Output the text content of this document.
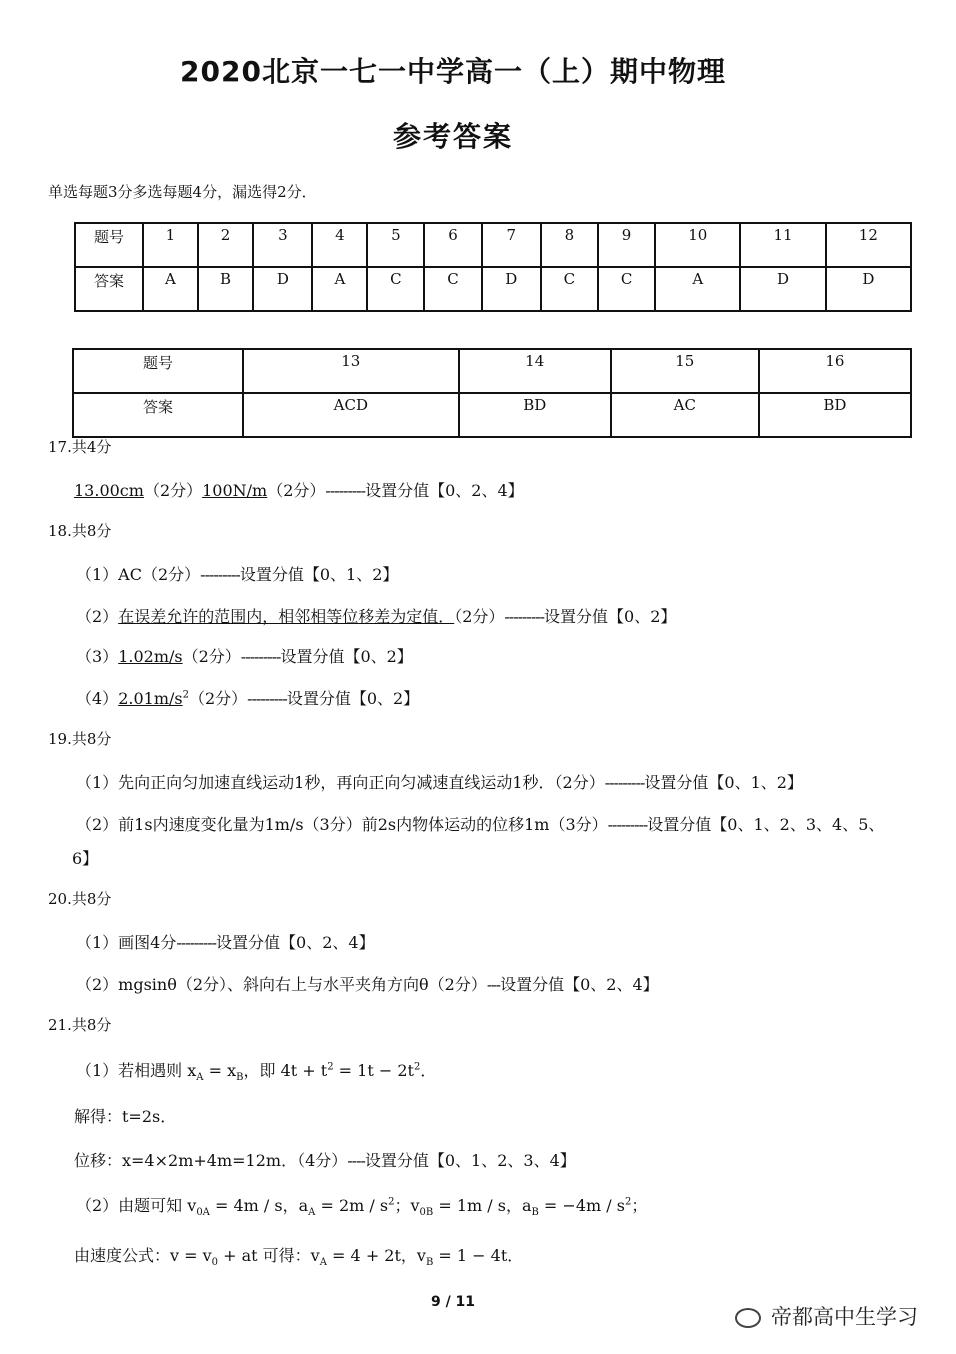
2020北京一七一中学高一（上）期中物理
参考答案
单选每题3分多选每题4分，漏选得2分．
题号	1	2	3	4	5	6	7	8	9	10	11	12
答案	A	B	D	A	C	C	D	C	C	A	D	D
题号	13	14	15	16
答案	ACD	BD	AC	BD
17.共4分
13.00cm（2分）100N/m（2分）---------设置分值【0、2、4】
18.共8分
（1）AC（2分）---------设置分值【0、1、2】
（2）在误差允许的范围内，相邻相等位移差为定值．（2分）---------设置分值【0、2】
（3）1.02m/s（2分）---------设置分值【0、2】
$(4)2.01m/s^2(2$分）---------设置分值【0、2】
19.共8分
（1）先向正向匀加速直线运动1秒，再向正向匀减速直线运动1秒．（2分）---------设置分值【0、1、2】
（2）前1s内速度变化量为1m/s（3分）前2s内物体运动的位移1m（3分）---------设置分值【0、1、2、3、4、5、
6】
20.共8分
（1）画图4分---------设置分值【0、2、4】
（2）mgsinθ（2分）、斜向右上与水平夹角方向θ（2分）---设置分值【0、2、4】
21.共8分
（1）若相遇则 $x_A = x_B$，即 $4t + t^2 = 1t - 2t^2$．
解得：t=2s．
位移：x=4×2m+4m=12m．（4分）----设置分值【0、1、2、3、4】
（2）由题可知 $v_{0A} = 4m / s$，$a_A = 2m / s^2$；$v_{0B} = 1m / s$，$a_B = -4m / s^2$；
由速度公式：$v = v_0$ + at 可得：$v_A = 4 + 2t$，$v_B = 1 - 4t$．
9 / 11
帝都高中生学习
